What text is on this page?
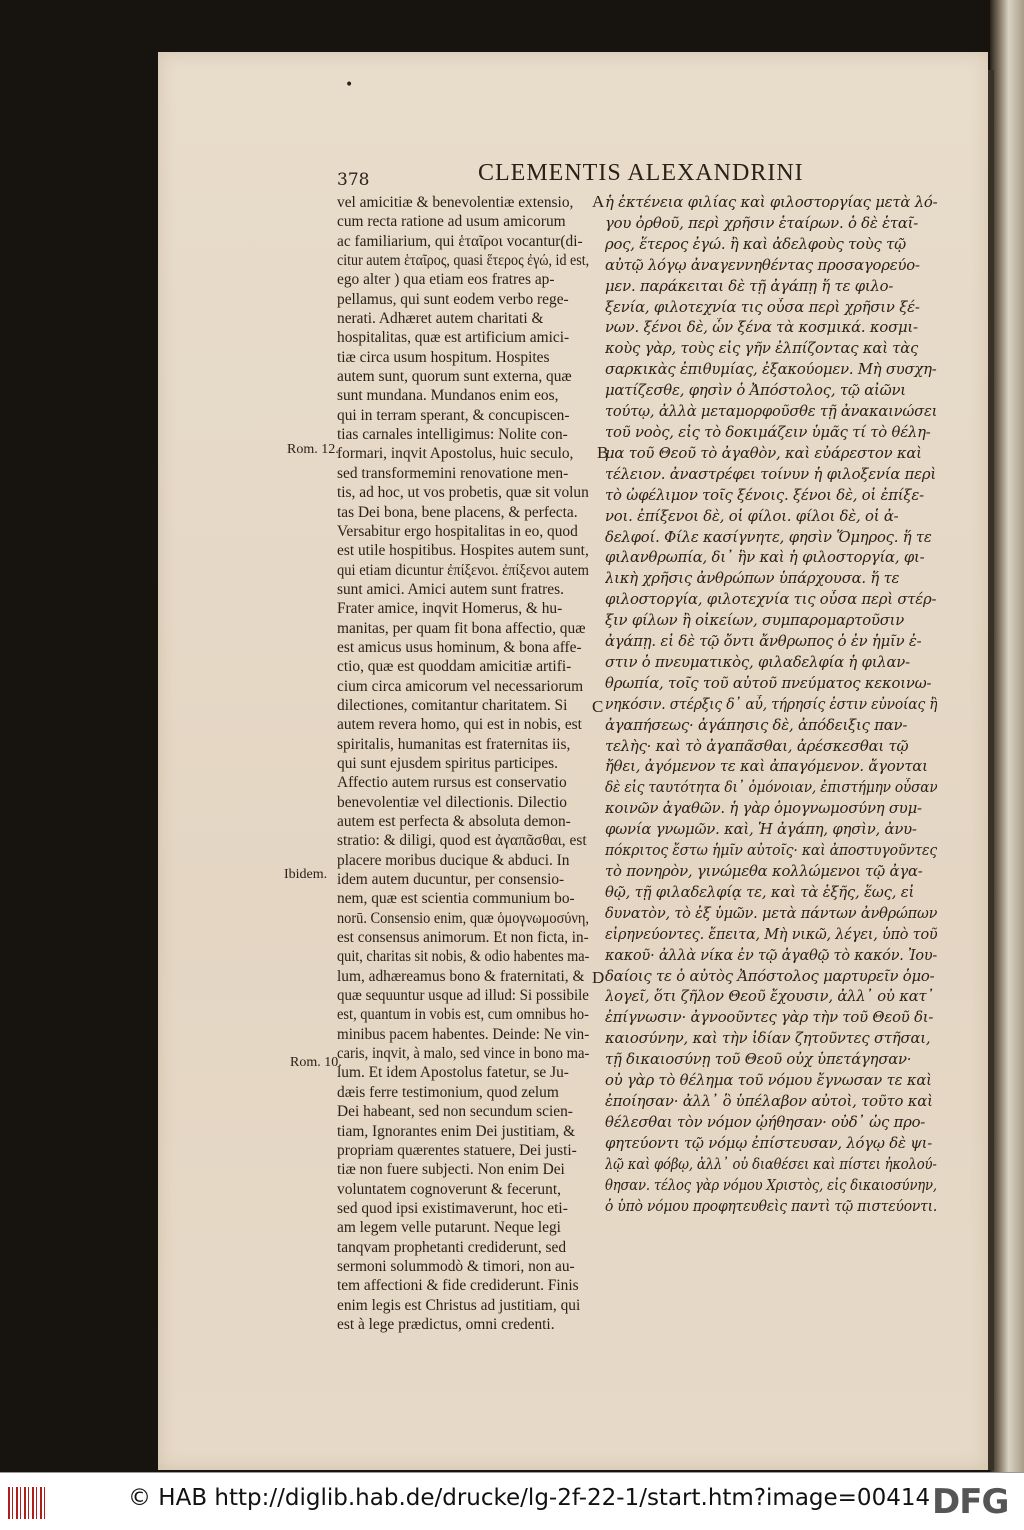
•
378	CLEMENTIS ALEXANDRINI
vel amicitiæ & benevolentiæ extensio,
cum recta ratione ad usum amicorum
ac familiarium, qui ἑταῖροι vocantur(di-
citur autem ἑταῖρος, quasi ἕτερος ἐγώ, id est,
ego alter ) qua etiam eos fratres ap-
pellamus, qui sunt eodem verbo rege-
nerati. Adhæret autem charitati &
hospitalitas, quæ est artificium amici-
tiæ circa usum hospitum. Hospites
autem sunt, quorum sunt externa, quæ
sunt mundana. Mundanos enim eos,
qui in terram sperant, & concupiscen-
tias carnales intelligimus: Nolite con-
formari, inqvit Apostolus, huic seculo,
sed transformemini renovatione men-
tis, ad hoc, ut vos probetis, quæ sit volun
tas Dei bona, bene placens, & perfecta.
Versabitur ergo hospitalitas in eo, quod
est utile hospitibus. Hospites autem sunt,
qui etiam dicuntur ἐπίξενοι. ἐπίξενοι autem
sunt amici. Amici autem sunt fratres.
Frater amice, inqvit Homerus, & hu-
manitas, per quam fit bona affectio, quæ
est amicus usus hominum, & bona affe-
ctio, quæ est quoddam amicitiæ artifi-
cium circa amicorum vel necessariorum
dilectiones, comitantur charitatem. Si
autem revera homo, qui est in nobis, est
spiritalis, humanitas est fraternitas iis,
qui sunt ejusdem spiritus participes.
Affectio autem rursus est conservatio
benevolentiæ vel dilectionis. Dilectio
autem est perfecta & absoluta demon-
stratio: & diligi, quod est ἀγαπᾶσθαι, est
placere moribus ducique & abduci. In
idem autem ducuntur, per consensio-
nem, quæ est scientia communium bo-
norū. Consensio enim, quæ ὁμογνωμοσύνη,
est consensus animorum. Et non ficta, in-
quit, charitas sit nobis, & odio habentes ma-
lum, adhæreamus bono & fraternitati, &
quæ sequuntur usque ad illud: Si possibile
est, quantum in vobis est, cum omnibus ho-
minibus pacem habentes. Deinde: Ne vin-
caris, inqvit, à malo, sed vince in bono ma-
lum. Et idem Apostolus fatetur, se Ju-
dæis ferre testimonium, quod zelum
Dei habeant, sed non secundum scien-
tiam, Ignorantes enim Dei justitiam, &
propriam quærentes statuere, Dei justi-
tiæ non fuere subjecti. Non enim Dei
voluntatem cognoverunt & fecerunt,
sed quod ipsi existimaverunt, hoc eti-
am legem velle putarunt. Neque legi
tanqvam prophetanti crediderunt, sed
sermoni solummodò & timori, non au-
tem affectioni & fide crediderunt. Finis
enim legis est Christus ad justitiam, qui
est à lege prædictus, omni credenti.
ἡ ἐκτένεια φιλίας καὶ φιλοστοργίας μετὰ λό-
γου ὀρθοῦ, περὶ χρῆσιν ἑταίρων. ὁ δὲ ἑταῖ-
ρος, ἕτερος ἐγώ. ἢ καὶ ἀδελφοὺς τοὺς τῷ
αὐτῷ λόγῳ ἀναγεννηθέντας προσαγορεύο-
μεν. παράκειται δὲ τῇ ἀγάπῃ ἥ τε φιλο-
ξενία, φιλοτεχνία τις οὖσα περὶ χρῆσιν ξέ-
νων. ξένοι δὲ, ὧν ξένα τὰ κοσμικά. κοσμι-
κοὺς γὰρ, τοὺς εἰς γῆν ἐλπίζοντας καὶ τὰς
σαρκικὰς ἐπιθυμίας, ἐξακούομεν. Μὴ συσχη-
ματίζεσθε, φησὶν ὁ Ἀπόστολος, τῷ αἰῶνι
τούτῳ, ἀλλὰ μεταμορφοῦσθε τῇ ἀνακαινώσει
τοῦ νοὸς, εἰς τὸ δοκιμάζειν ὑμᾶς τί τὸ θέλη-
μα τοῦ Θεοῦ τὸ ἀγαθὸν, καὶ εὐάρεστον καὶ
τέλειον. ἀναστρέφει τοίνυν ἡ φιλοξενία περὶ
τὸ ὠφέλιμον τοῖς ξένοις. ξένοι δὲ, οἱ ἐπίξε-
νοι. ἐπίξενοι δὲ, οἱ φίλοι. φίλοι δὲ, οἱ ἀ-
δελφοί. Φίλε κασίγνητε, φησὶν Ὅμηρος. ἥ τε
φιλανθρωπία, δι᾽ ἣν καὶ ἡ φιλοστοργία, φι-
λικὴ χρῆσις ἀνθρώπων ὑπάρχουσα. ἥ τε
φιλοστοργία, φιλοτεχνία τις οὖσα περὶ στέρ-
ξιν φίλων ἢ οἰκείων, συμπαρομαρτοῦσιν
ἀγάπῃ. εἰ δὲ τῷ ὄντι ἄνθρωπος ὁ ἐν ἡμῖν ἐ-
στιν ὁ πνευματικὸς, φιλαδελφία ἡ φιλαν-
θρωπία, τοῖς τοῦ αὐτοῦ πνεύματος κεκοινω-
νηκόσιν. στέρξις δ᾽ αὖ, τήρησίς ἐστιν εὐνοίας ἢ
ἀγαπήσεως· ἀγάπησις δὲ, ἀπόδειξις παν-
τελὴς· καὶ τὸ ἀγαπᾶσθαι, ἀρέσκεσθαι τῷ
ἤθει, ἀγόμενον τε καὶ ἀπαγόμενον. ἄγονται
δὲ εἰς ταυτότητα δι᾽ ὁμόνοιαν, ἐπιστήμην οὖσαν
κοινῶν ἀγαθῶν. ἡ γὰρ ὁμογνωμοσύνη συμ-
φωνία γνωμῶν. καὶ, Ἡ ἀγάπη, φησὶν, ἀνυ-
πόκριτος ἔστω ἡμῖν αὐτοῖς· καὶ ἀποστυγοῦντες
τὸ πονηρὸν, γινώμεθα κολλώμενοι τῷ ἀγα-
θῷ, τῇ φιλαδελφίᾳ τε, καὶ τὰ ἑξῆς, ἕως, εἰ
δυνατὸν, τὸ ἐξ ὑμῶν. μετὰ πάντων ἀνθρώπων
εἰρηνεύοντες. ἔπειτα, Μὴ νικῶ, λέγει, ὑπὸ τοῦ
κακοῦ· ἀλλὰ νίκα ἐν τῷ ἀγαθῷ τὸ κακόν. Ἰου-
δαίοις τε ὁ αὐτὸς Ἀπόστολος μαρτυρεῖν ὁμο-
λογεῖ, ὅτι ζῆλον Θεοῦ ἔχουσιν, ἀλλ᾽ οὐ κατ᾽
ἐπίγνωσιν· ἀγνοοῦντες γὰρ τὴν τοῦ Θεοῦ δι-
καιοσύνην, καὶ τὴν ἰδίαν ζητοῦντες στῆσαι,
τῇ δικαιοσύνῃ τοῦ Θεοῦ οὐχ ὑπετάγησαν·
οὐ γὰρ τὸ θέλημα τοῦ νόμου ἔγνωσαν τε καὶ
ἐποίησαν· ἀλλ᾽ ὃ ὑπέλαβον αὐτοὶ, τοῦτο καὶ
θέλεσθαι τὸν νόμον ᾠήθησαν· οὐδ᾽ ὡς προ-
φητεύοντι τῷ νόμῳ ἐπίστευσαν, λόγῳ δὲ ψι-
λῷ καὶ φόβῳ, ἀλλ᾽ οὐ διαθέσει καὶ πίστει ἠκολού-
θησαν. τέλος γὰρ νόμου Χριστὸς, εἰς δικαιοσύνην,
ὁ ὑπὸ νόμου προφητευθεὶς παντὶ τῷ πιστεύοντι.
Rom. 12.
Ibidem.
Rom. 10.
A
B
C
D
© HAB http://diglib.hab.de/drucke/lg-2f-22-1/start.htm?image=00414 DFG
